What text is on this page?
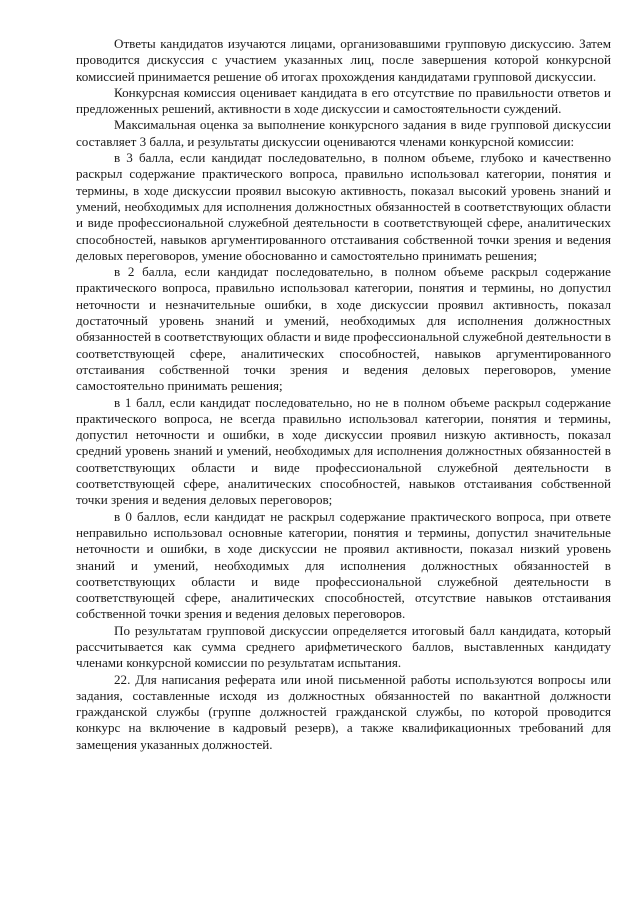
Ответы кандидатов изучаются лицами, организовавшими групповую дискуссию. Затем проводится дискуссия с участием указанных лиц, после завершения которой конкурсной комиссией принимается решение об итогах прохождения кандидатами групповой дискуссии.

Конкурсная комиссия оценивает кандидата в его отсутствие по правильности ответов и предложенных решений, активности в ходе дискуссии и самостоятельности суждений.

Максимальная оценка за выполнение конкурсного задания в виде групповой дискуссии составляет 3 балла, и результаты дискуссии оцениваются членами конкурсной комиссии:

в 3 балла, если кандидат последовательно, в полном объеме, глубоко и качественно раскрыл содержание практического вопроса, правильно использовал категории, понятия и термины, в ходе дискуссии проявил высокую активность, показал высокий уровень знаний и умений, необходимых для исполнения должностных обязанностей в соответствующих области и виде профессиональной служебной деятельности в соответствующей сфере, аналитических способностей, навыков аргументированного отстаивания собственной точки зрения и ведения деловых переговоров, умение обоснованно и самостоятельно принимать решения;

в 2 балла, если кандидат последовательно, в полном объеме раскрыл содержание практического вопроса, правильно использовал категории, понятия и термины, но допустил неточности и незначительные ошибки, в ходе дискуссии проявил активность, показал достаточный уровень знаний и умений, необходимых для исполнения должностных обязанностей в соответствующих области и виде профессиональной служебной деятельности в соответствующей сфере, аналитических способностей, навыков аргументированного отстаивания собственной точки зрения и ведения деловых переговоров, умение самостоятельно принимать решения;

в 1 балл, если кандидат последовательно, но не в полном объеме раскрыл содержание практического вопроса, не всегда правильно использовал категории, понятия и термины, допустил неточности и ошибки, в ходе дискуссии проявил низкую активность, показал средний уровень знаний и умений, необходимых для исполнения должностных обязанностей в соответствующих области и виде профессиональной служебной деятельности в соответствующей сфере, аналитических способностей, навыков отстаивания собственной точки зрения и ведения деловых переговоров;

в 0 баллов, если кандидат не раскрыл содержание практического вопроса, при ответе неправильно использовал основные категории, понятия и термины, допустил значительные неточности и ошибки, в ходе дискуссии не проявил активности, показал низкий уровень знаний и умений, необходимых для исполнения должностных обязанностей в соответствующих области и виде профессиональной служебной деятельности в соответствующей сфере, аналитических способностей, отсутствие навыков отстаивания собственной точки зрения и ведения деловых переговоров.

По результатам групповой дискуссии определяется итоговый балл кандидата, который рассчитывается как сумма среднего арифметического баллов, выставленных кандидату членами конкурсной комиссии по результатам испытания.

22. Для написания реферата или иной письменной работы используются вопросы или задания, составленные исходя из должностных обязанностей по вакантной должности гражданской службы (группе должностей гражданской службы, по которой проводится конкурс на включение в кадровый резерв), а также квалификационных требований для замещения указанных должностей.
